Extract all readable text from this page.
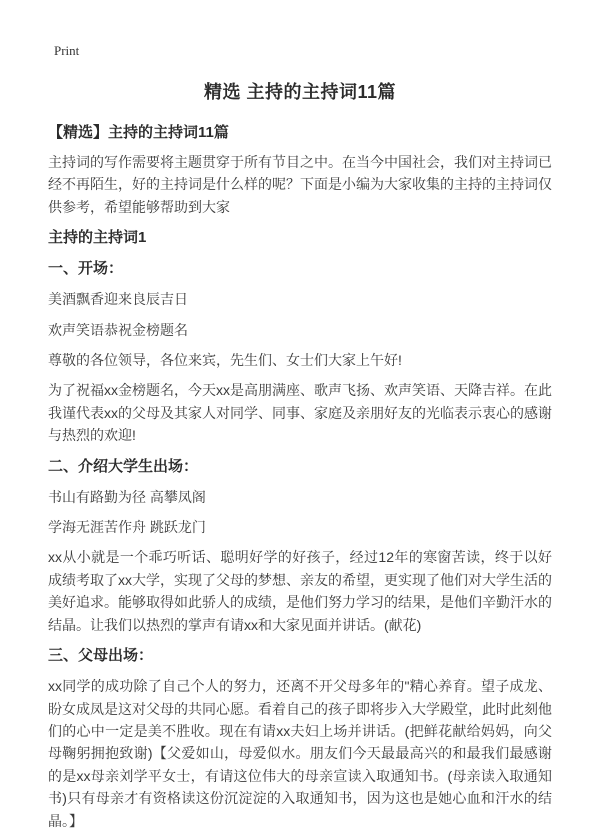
Print
精选 主持的主持词11篇
【精选】主持的主持词11篇

主持词的写作需要将主题贯穿于所有节目之中。在当今中国社会，我们对主持词已经不再陌生，好的主持词是什么样的呢？下面是小编为大家收集的主持的主持词仅供参考，希望能够帮助到大家

主持的主持词1
一、开场：

美酒飘香迎来良辰吉日

欢声笑语恭祝金榜题名

尊敬的各位领导，各位来宾，先生们、女士们大家上午好!

为了祝福xx金榜题名，今天xx是高朋满座、歌声飞扬、欢声笑语、天降吉祥。在此我谨代表xx的父母及其家人对同学、同事、家庭及亲朋好友的光临表示衷心的感谢与热烈的欢迎!

二、介绍大学生出场：

书山有路勤为径 高攀凤阁

学海无涯苦作舟 跳跃龙门

xx从小就是一个乖巧听话、聪明好学的好孩子，经过12年的寒窗苦读，终于以好成绩考取了xx大学，实现了父母的梦想、亲友的希望，更实现了他们对大学生活的美好追求。能够取得如此骄人的成绩，是他们努力学习的结果，是他们辛勤汗水的结晶。让我们以热烈的掌声有请xx和大家见面并讲话。(献花)

三、父母出场：

xx同学的成功除了自己个人的努力，还离不开父母多年的"精心养育。望子成龙、盼女成凤是这对父母的共同心愿。看着自己的孩子即将步入大学殿堂，此时此刻他们的心中一定是美不胜收。现在有请xx夫妇上场并讲话。(把鲜花献给妈妈，向父母鞠躬拥抱致谢)【父爱如山，母爱似水。朋友们今天最最高兴的和最我们最感谢的是xx母亲刘学平女士，有请这位伟大的母亲宣读入取通知书。(母亲读入取通知书)只有母亲才有资格读这份沉淀淀的入取通知书，因为这也是她心血和汗水的结晶。】
